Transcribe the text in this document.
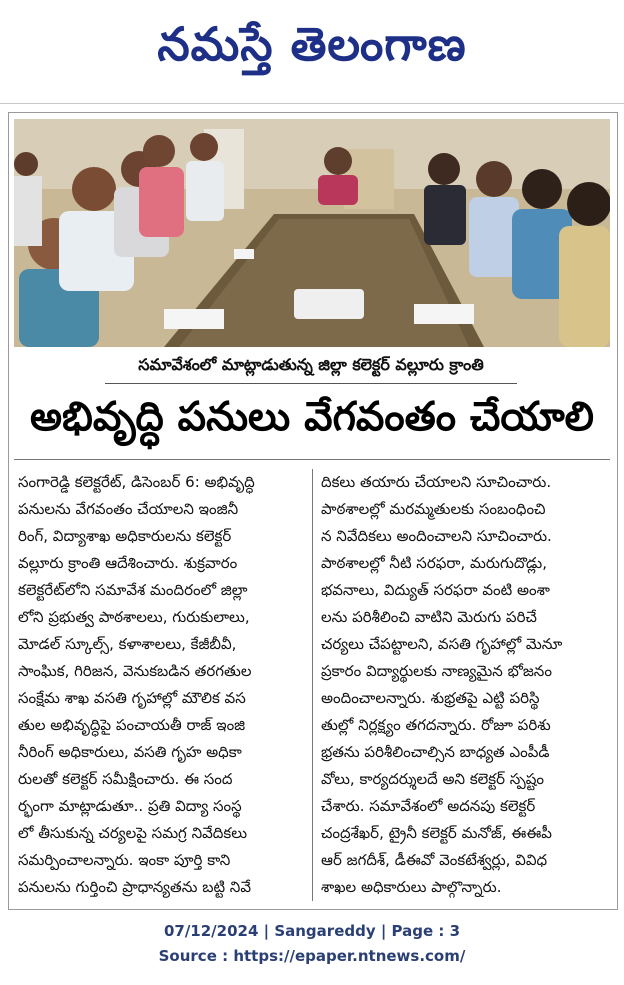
నమస్తే తెలంగాణ
సమావేశంలో మాట్లాడుతున్న జిల్లా కలెక్టర్ వల్లూరు క్రాంతి
అభివృద్ధి పనులు వేగవంతం చేయాలి
సంగారెడ్డి కలెక్టరేట్, డిసెంబర్ 6: అభివృద్ధి
పనులను వేగవంతం చేయాలని ఇంజినీ
రింగ్, విద్యాశాఖ అధికారులను కలెక్టర్
వల్లూరు క్రాంతి ఆదేశించారు. శుక్రవారం
కలెక్టరేట్‌లోని సమావేశ మందిరంలో జిల్లా
లోని ప్రభుత్వ పాఠశాలలు, గురుకులాలు,
మోడల్ స్కూల్స్, కళాశాలలు, కేజీబీవీ,
సాంఘిక, గిరిజన, వెనుకబడిన తరగతుల
సంక్షేమ శాఖ వసతి గృహాల్లో మౌలిక వస
తుల అభివృద్ధిపై పంచాయతీ రాజ్ ఇంజి
నీరింగ్ అధికారులు, వసతి గృహ అధికా
రులతో కలెక్టర్ సమీక్షించారు. ఈ సంద
ర్భంగా మాట్లాడుతూ.. ప్రతి విద్యా సంస్థ
లో తీసుకున్న చర్యలపై సమగ్ర నివేదికలు
సమర్పించాలన్నారు. ఇంకా పూర్తి కాని
పనులను గుర్తించి ప్రాధాన్యతను బట్టి నివే
దికలు తయారు చేయాలని సూచించారు.
పాఠశాలల్లో మరమ్మతులకు సంబంధించి
న నివేదికలు అందించాలని సూచించారు.
పాఠశాలల్లో నీటి సరఫరా, మరుగుదొడ్లు,
భవనాలు, విద్యుత్ సరఫరా వంటి అంశా
లను పరిశీలించి వాటిని మెరుగు పరిచే
చర్యలు చేపట్టాలని, వసతి గృహాల్లో మెనూ
ప్రకారం విద్యార్థులకు నాణ్యమైన భోజనం
అందించాలన్నారు. శుభ్రతపై ఎట్టి పరిస్థి
తుల్లో నిర్లక్ష్యం తగదన్నారు. రోజూ పరిశు
భ్రతను పరిశీలించాల్సిన బాధ్యత ఎంపీడీ
వోలు, కార్యదర్శులదే అని కలెక్టర్ స్పష్టం
చేశారు. సమావేశంలో అదనపు కలెక్టర్
చంద్రశేఖర్, ట్రైనీ కలెక్టర్ మనోజ్, ఈఈపీ
ఆర్ జగదీశ్, డీఈవో వెంకటేశ్వర్లు, వివిధ
శాఖల అధికారులు పాల్గొన్నారు.
07/12/2024 | Sangareddy | Page : 3
Source : https://epaper.ntnews.com/
